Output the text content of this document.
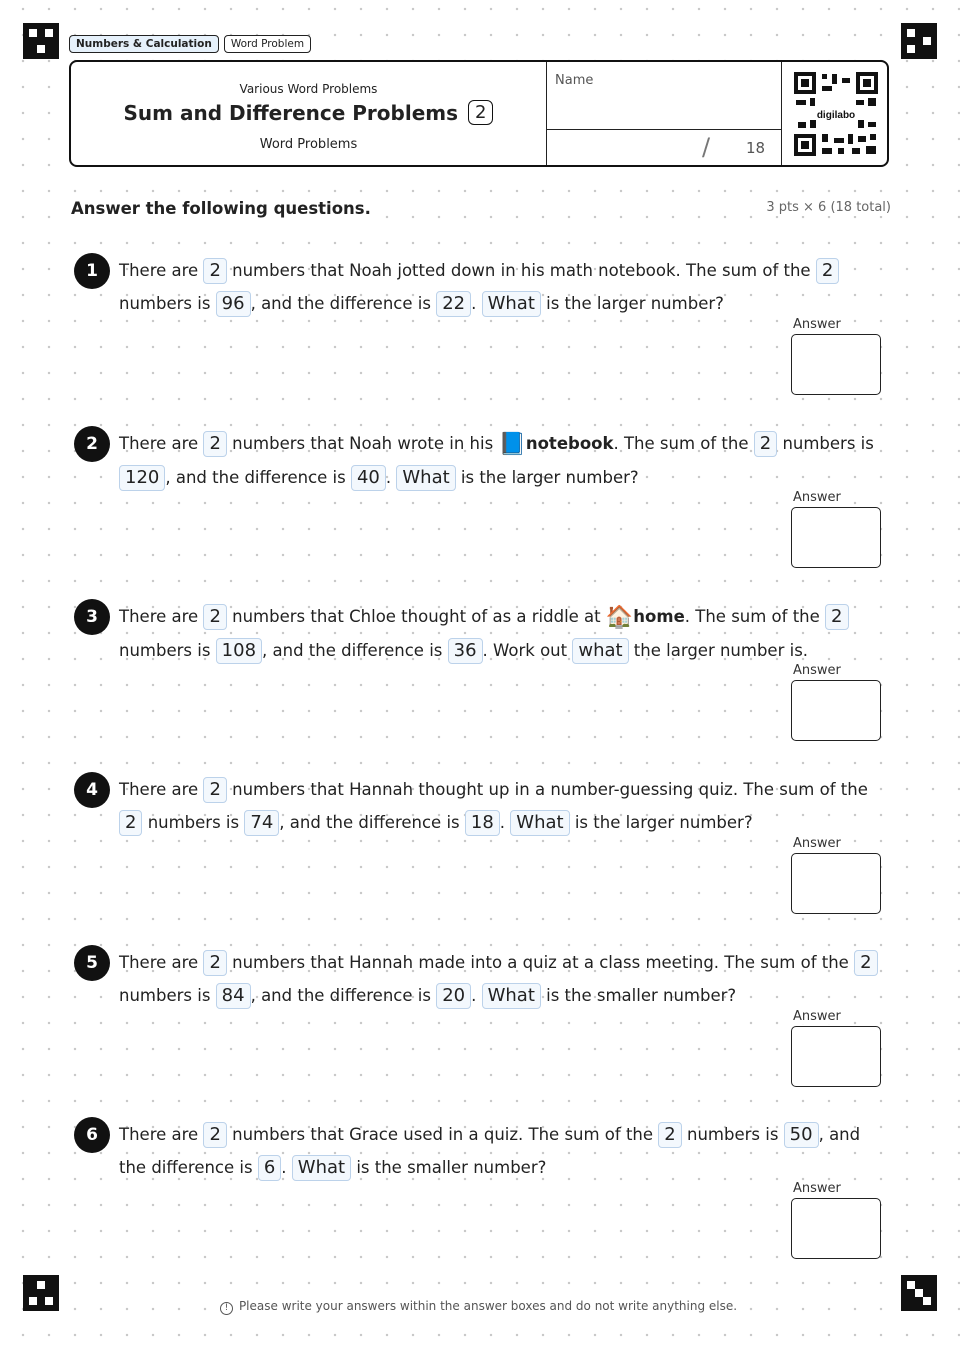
Numbers & Calculation	Word Problem
Various Word Problems
Sum and Difference Problems 2
Word Problems
Name
/ 18
digilabo
Answer the following questions.	3 pts × 6 (18 total)
1	There are 2 numbers that Noah jotted down in his math notebook. The sum of the 2 numbers is 96 , and the difference is 22 . What is the larger number?
Answer
2	There are 2 numbers that Noah wrote in his 📘notebook. The sum of the 2 numbers is 120 , and the difference is 40 . What is the larger number?
Answer
3	There are 2 numbers that Chloe thought of as a riddle at 🏠home. The sum of the 2 numbers is 108 , and the difference is 36 . Work out what the larger number is.
Answer
4	There are 2 numbers that Hannah thought up in a number-guessing quiz. The sum of the 2 numbers is 74 , and the difference is 18 . What is the larger number?
Answer
5	There are 2 numbers that Hannah made into a quiz at a class meeting. The sum of the 2 numbers is 84 , and the difference is 20 . What is the smaller number?
Answer
6	There are 2 numbers that Grace used in a quiz. The sum of the 2 numbers is 50 , and the difference is 6 . What is the smaller number?
Answer
! Please write your answers within the answer boxes and do not write anything else.
